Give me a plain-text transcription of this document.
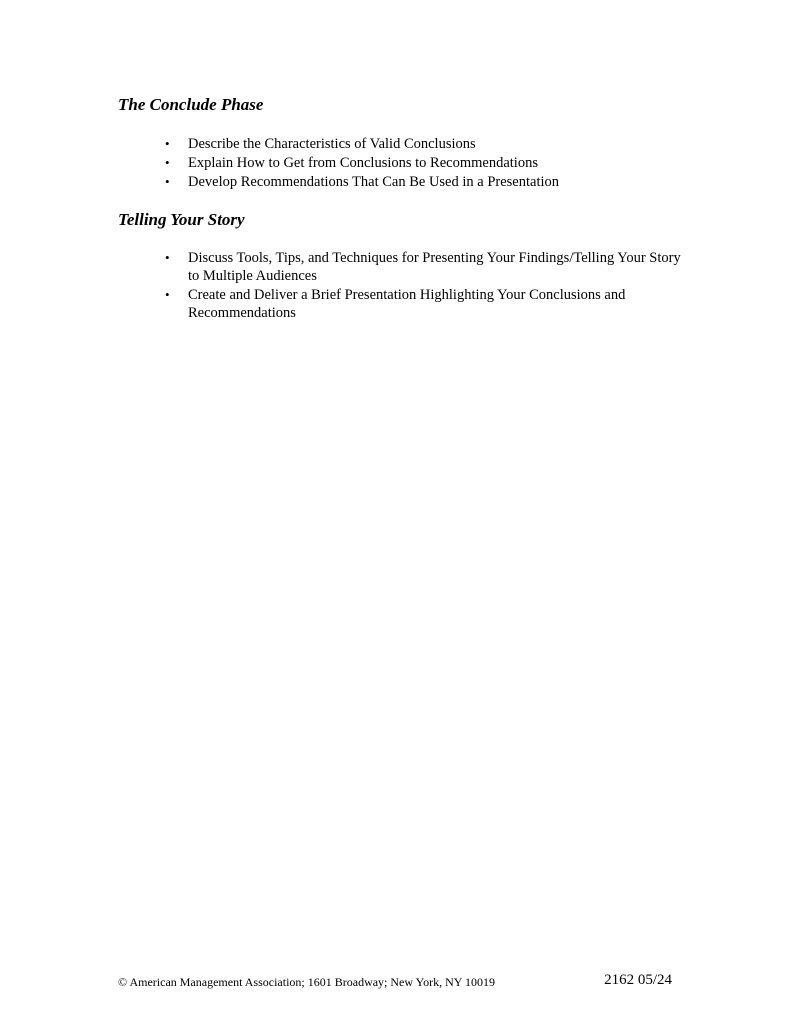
The Conclude Phase
• Describe the Characteristics of Valid Conclusions
• Explain How to Get from Conclusions to Recommendations
• Develop Recommendations That Can Be Used in a Presentation
Telling Your Story
• Discuss Tools, Tips, and Techniques for Presenting Your Findings/Telling Your Story to Multiple Audiences
• Create and Deliver a Brief Presentation Highlighting Your Conclusions and Recommendations
© American Management Association; 1601 Broadway; New York, NY 10019	2162 05/24
